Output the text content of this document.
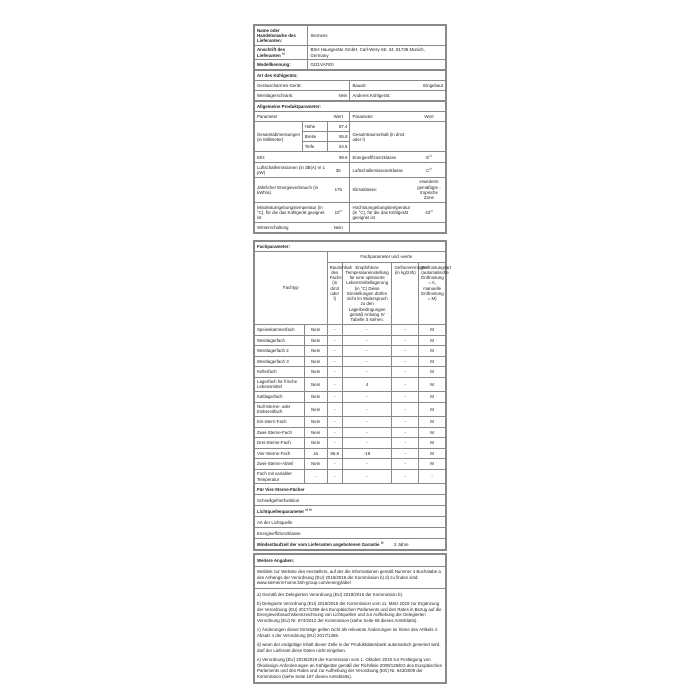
Name oder Handelsmarke des Lieferanten:	Siemens
Anschrift des Lieferanten $^{b)}$	BSH Hausgeräte GmbH, Carl-Wery-Str. 34, 81739 Munich, Germany
Modellkennung:	GI21VAFE0
Art des Kühlgeräts:			
Geräuscharmes Gerät:		Bauart:	Eingebaut
Weinlagerschrank:	Nein	Anderes Kühlgerät:	
Allgemeine Produktparameter:				
Parameter		Wert	Parameter	Wert
Gesamtabmessungen (in Millimeter)	Höhe	87.4	Gesamtraumınhalt (in dm3 oder l)	
	Breite	55.8		
	Tiefe	54.5		
EEI:		99.6	Energieeffizienzklasse	$E^{c)}$
Luftschallemissionen (in dB(A) re 1 pW)		36	Luftschallemissionsklasse	$C^{c)}$
Jährlicher Energieverbrauch (in kWh/a)		176	Klimaklasse:	erweiterte gemäßigte - tropische Zone
Mindestumgebungstemperatur (in °C), für die das Kühlgerät geeignet ist		10$^{c)}$	Höchstumgebungstemperatur (in °C), für die das Kühlgerät geeignet ist	43$^{c)}$
Winterschaltung		Nein		
Fachparameter:					
Fachtyp		Fachparameter und -werte			
		Rauminhalt des Fachs (in dm3 oder l)	Empfohlene Temperatureinstellung für eine optimierte Lebensmittellagerung (in °C) Diese Einstellungen dürfen nicht im Widerspruch zu den Lagerbedingungen gemäß Anhang IV Tabelle 3 stehen.	Gefriervermögen (in kg/24h)	Entfrostungsart (automatische Entfrostung = A, manuelle Entfrostung = M)
Speisekammerfach	Nein	-	-	-	M
Weinlagerfach	Nein	-	-	-	M
Weinlagerfach 2	Nein	-	-	-	M
Weinlagerfach 3	Nein	-	-	-	M
Kellerfach	Nein	-	-	-	M
Lagerfach für frische Lebensmittel	Nein	-	4	-	M
Kaltlagerfach	Nein	-	-	-	M
Null-Sterne- oder Eisbereitfach	Nein	-	-	-	M
Ein-Stern-Fach	Nein	-	-	-	M
Zwei-Sterne-Fach	Nein	-	-	-	M
Drei-Sterne-Fach	Nein	-	-	-	M
Vier-Sterne-Fach	Ja	96.8	-18	-	M
Zwei-Sterne-Abteil	Nein	-	-	-	M
Fach mit variabler Temperatur	-	-	-	-	-
Für Vier-Sterne-Fächer					
Schnellgefrierfunktion					
Lichtquellenparameter $^{a) b)}$
Art der Lichtquelle					
Energieeffizienzklasse					
Mindestlaufzeit der vom Lieferanten angebotenen Garantie $^{b)}$				2 Jahre	
Weitere Angaben:
Weblink zur Website des Herstellers, auf der die Informationen gemäß Nummer 4 Buchstabe a des Anhangs der Verordnung (EU) 2019/2019 der Kommission b) d) zu finden sind: www.siemens-home.bsh-group.com/energylabel

a) Gemäß der Delegierten Verordnung (EU) 2019/2015 der Kommission b).

b) Delegierte Verordnung (EU) 2019/2015 der Kommission vom 11. März 2019 zur Ergänzung der Verordnung (EU) 2017/1369 des Europäischen Parlaments und des Rates in Bezug auf die Energieverbrauchskennzeichnung von Lichtquellen und zur Aufhebung der Delegierten Verordnung (EU) Nr. 874/2012 der Kommission (siehe Seite 68 dieses Amtsblatts).

c) Änderungen dieser Einträge gelten nicht als relevante Änderungen im Sinne des Artikels 4 Absatz 4 der Verordnung (EU) 2017/1369.

d) wenn der endgültige Inhalt dieser Zelle in der Produktdatenbank automatisch generiert wird, darf der Lieferant diese Daten nicht eingeben.

e) Verordnung (EU) 2019/2019 der Kommission vom 1. Oktober 2019 zur Festlegung von Ökodesign-Anforderungen an Kühlgeräte gemäß der Richtlinie 2009/125/EG des Europäischen Parlaments und des Rates und zur Aufhebung der Verordnung (EG) Nr. 643/2009 der Kommission (siehe Seite 187 dieses Amtsblatts).
